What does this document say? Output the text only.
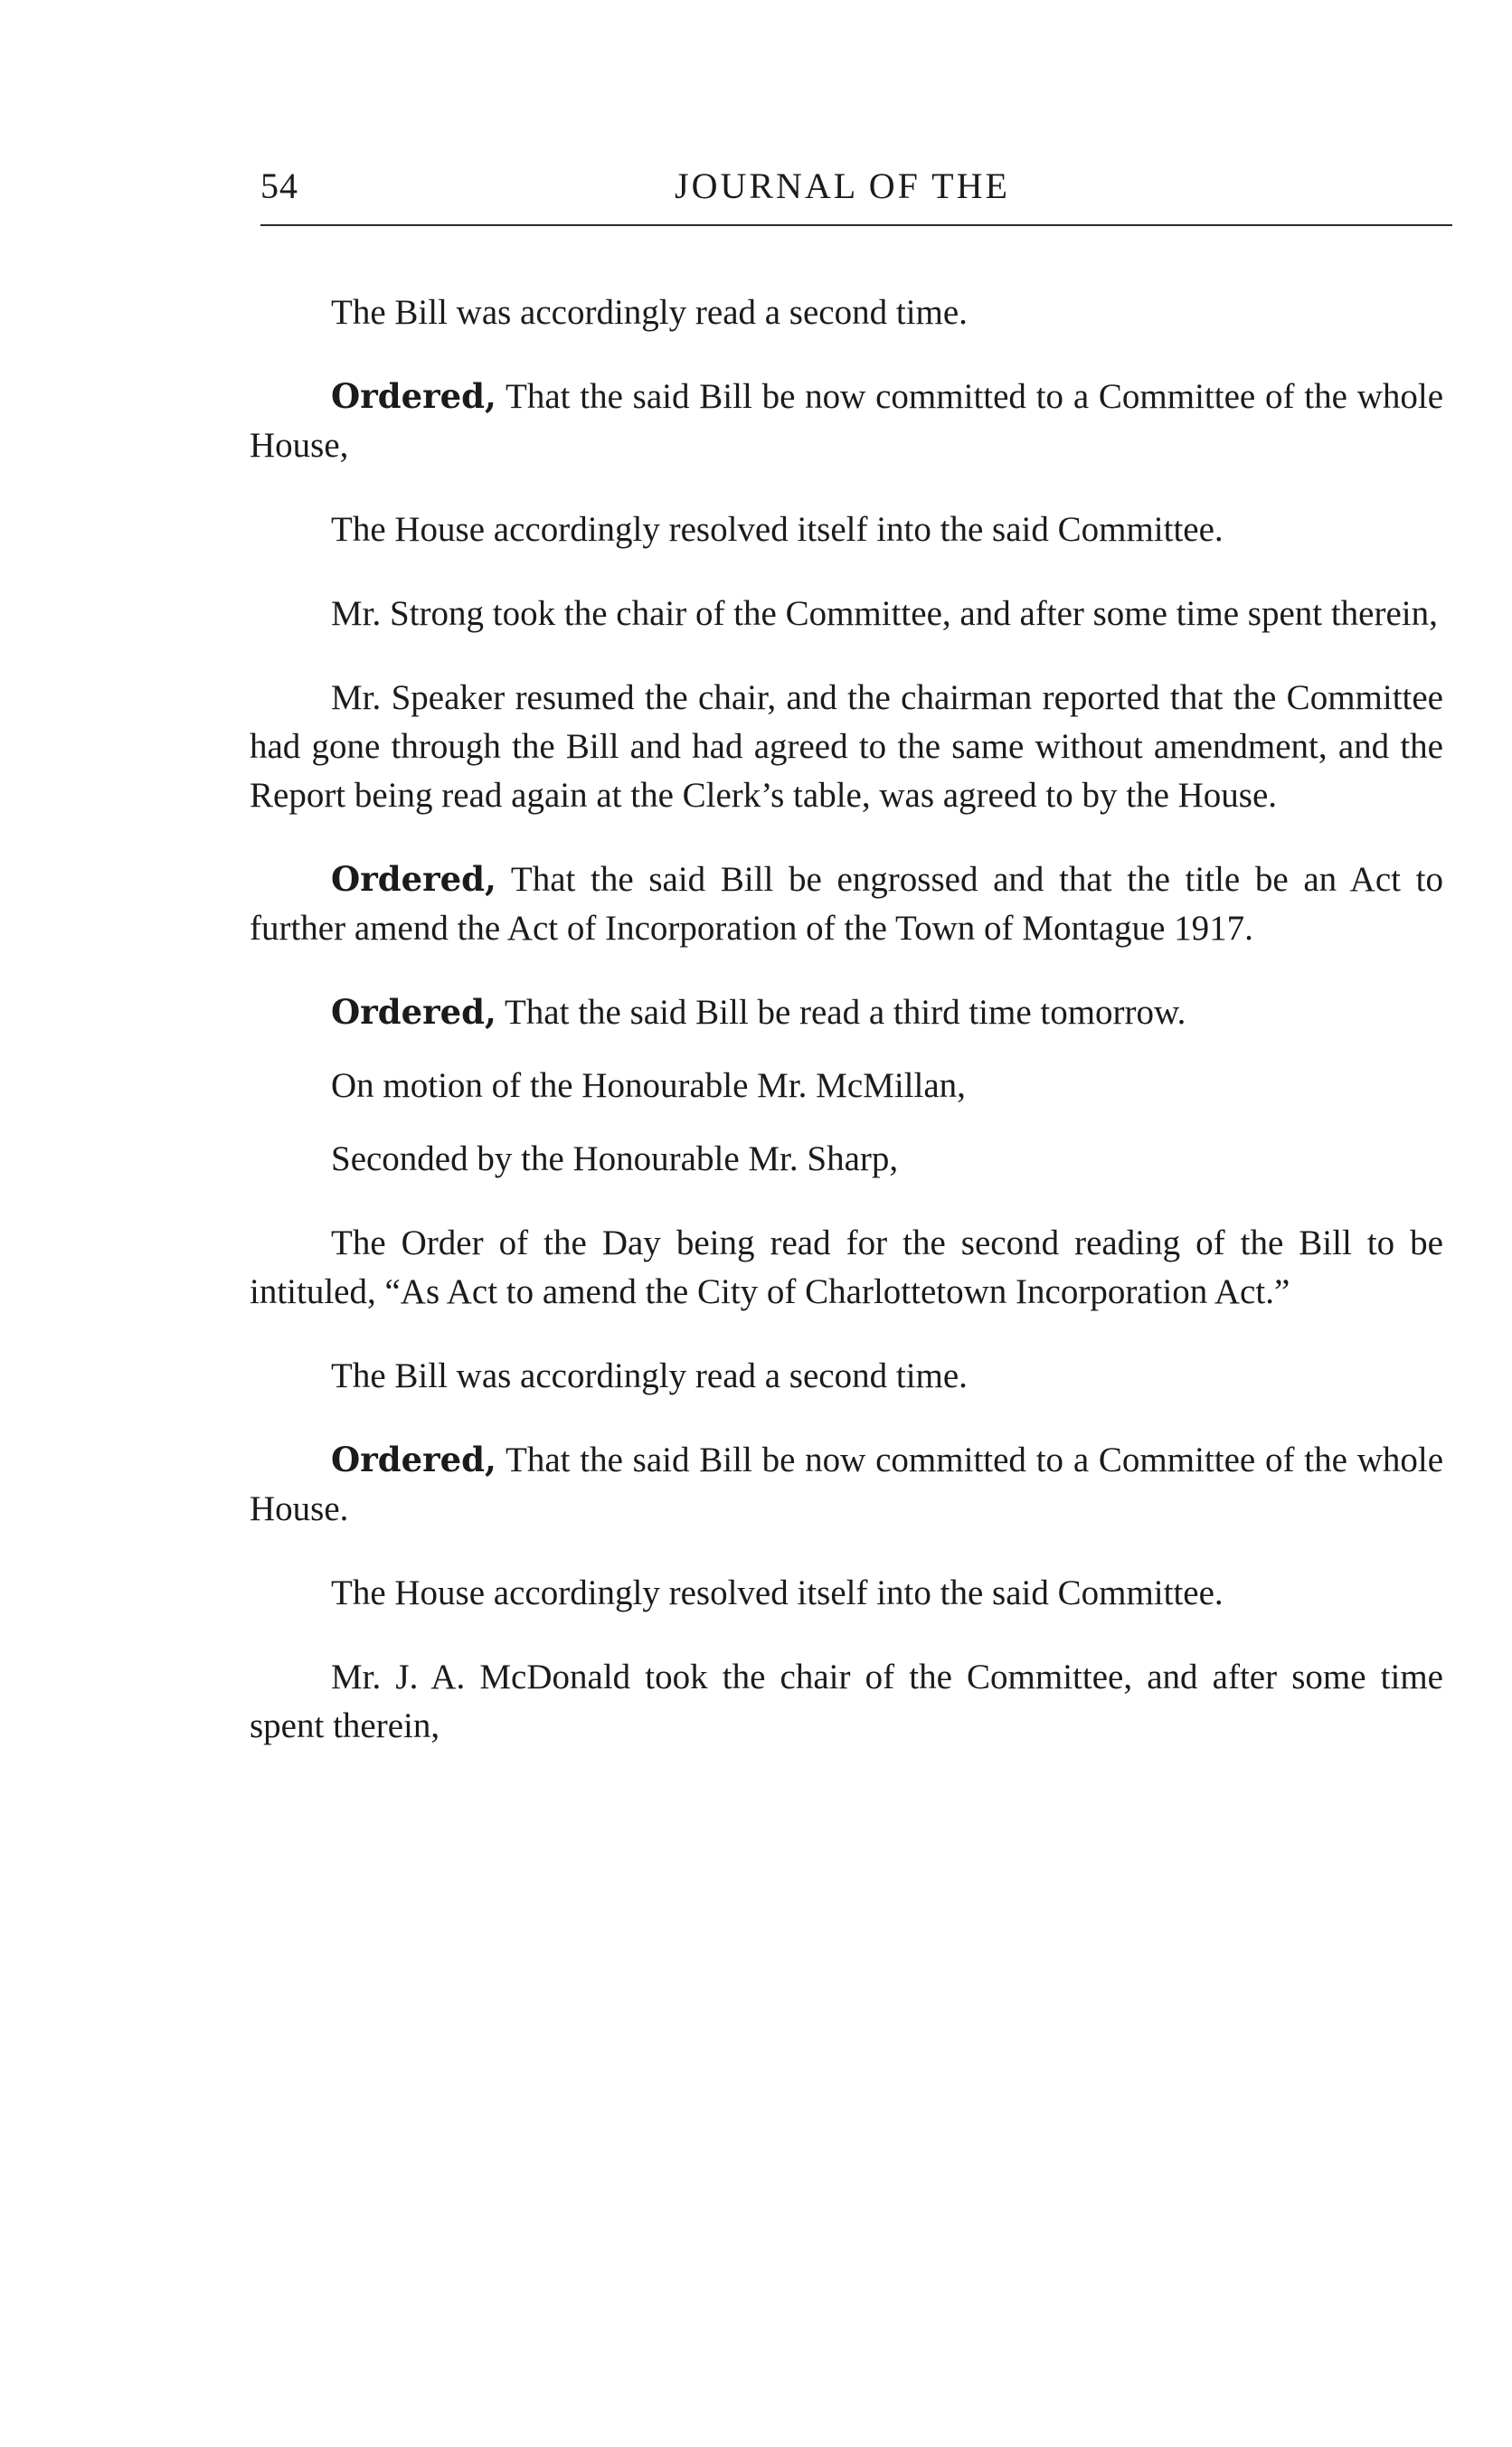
54	JOURNAL OF THE

The Bill was accordingly read a second time.

Ordered, That the said Bill be now committed to a Committee of the whole House,

The House accordingly resolved itself into the said Committee.

Mr. Strong took the chair of the Committee, and after some time spent therein,

Mr. Speaker resumed the chair, and the chairman reported that the Committee had gone through the Bill and had agreed to the same without amendment, and the Report being read again at the Clerk’s table, was agreed to by the House.

Ordered, That the said Bill be engrossed and that the title be an Act to further amend the Act of Incorporation of the Town of Montague 1917.

Ordered, That the said Bill be read a third time tomorrow.

On motion of the Honourable Mr. McMillan,

Seconded by the Honourable Mr. Sharp,

The Order of the Day being read for the second reading of the Bill to be intituled, “As Act to amend the City of Charlottetown Incorporation Act.”

The Bill was accordingly read a second time.

Ordered, That the said Bill be now committed to a Committee of the whole House.

The House accordingly resolved itself into the said Committee.

Mr. J. A. McDonald took the chair of the Committee, and after some time spent therein,
